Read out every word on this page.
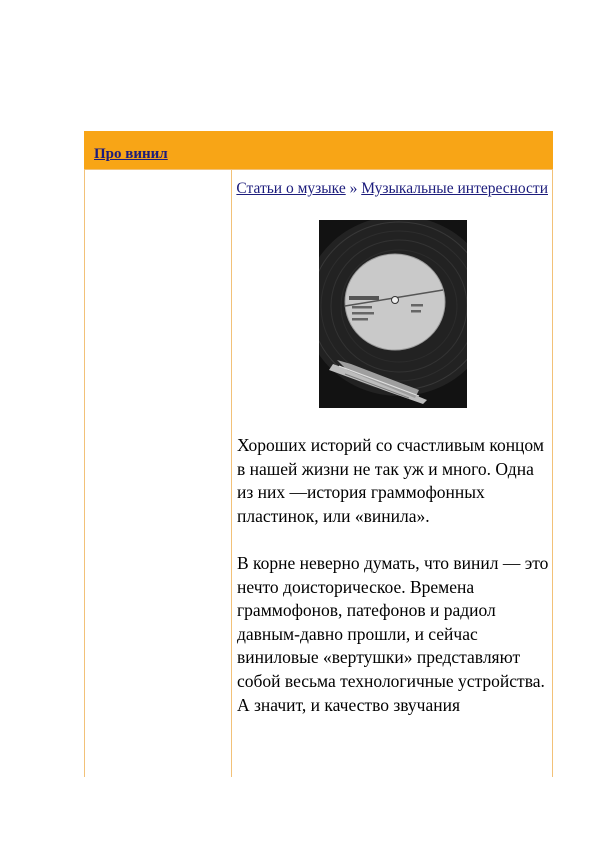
Про винил
Статьи о музыке » Музыкальные интересности

Хороших историй со счастливым концом в нашей жизни не так уж и много. Одна из них —история граммофонных пластинок, или «винила».

В корне неверно думать, что винил — это нечто доисторическое. Времена граммофонов, патефонов и радиол давным-давно прошли, и сейчас виниловые «вертушки» представляют собой весьма технологичные устройства. А значит, и качество звучания
